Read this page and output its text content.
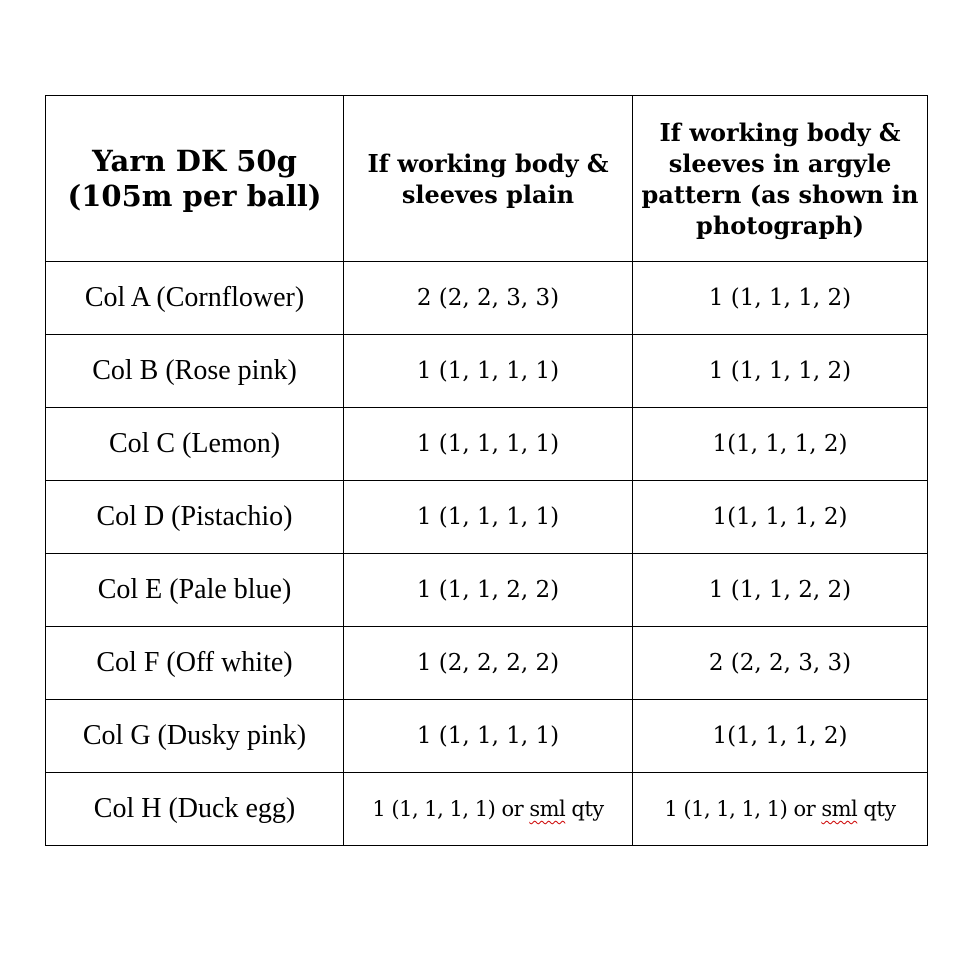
Yarn DK 50g (105m per ball)	If working body & sleeves plain	If working body & sleeves in argyle pattern (as shown in photograph)
Col A (Cornflower)	2 (2, 2, 3, 3)	1 (1, 1, 1, 2)
Col B (Rose pink)	1 (1, 1, 1, 1)	1 (1, 1, 1, 2)
Col C (Lemon)	1 (1, 1, 1, 1)	1(1, 1, 1, 2)
Col D (Pistachio)	1 (1, 1, 1, 1)	1(1, 1, 1, 2)
Col E (Pale blue)	1 (1, 1, 2, 2)	1 (1, 1, 2, 2)
Col F (Off white)	1 (2, 2, 2, 2)	2 (2, 2, 3, 3)
Col G (Dusky pink)	1 (1, 1, 1, 1)	1(1, 1, 1, 2)
Col H (Duck egg)	1 (1, 1, 1, 1) or sml qty	1 (1, 1, 1, 1) or sml qty
